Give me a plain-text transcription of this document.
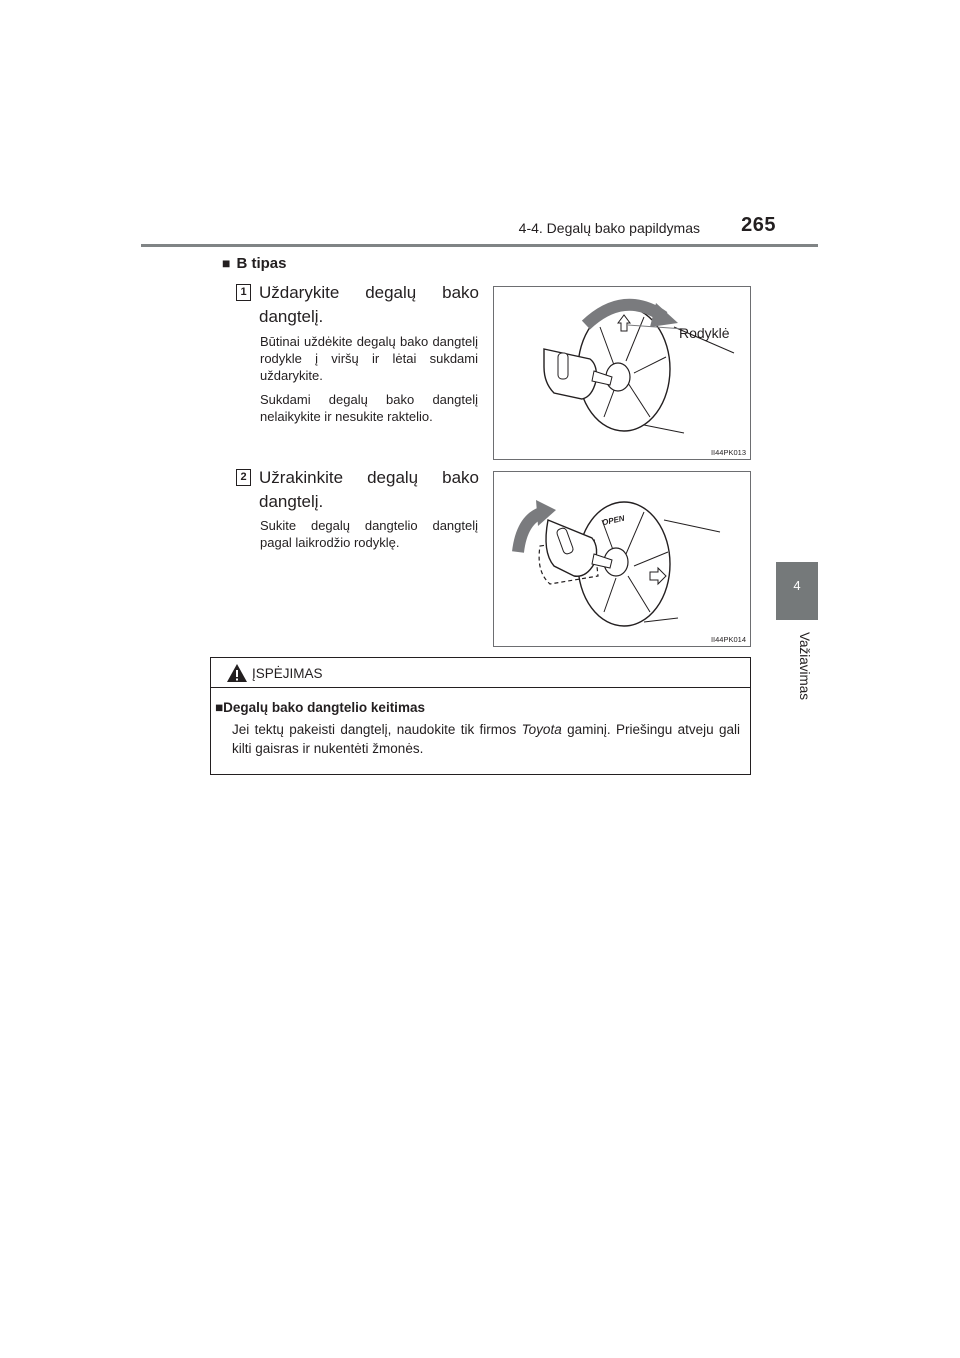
4-4. Degalų bako papildymas	265
4
Važiavimas
■ B tipas
1 Uždarykite degalų bako
dangtelį.
Būtinai uždėkite degalų bako dangtelį rodykle į viršų ir lėtai sukdami uždarykite.
Sukdami degalų bako dangtelį nelaikykite ir nesukite raktelio.
Rodyklė
II44PK013
2 Užrakinkite degalų bako
dangtelį.
Sukite degalų dangtelio dangtelį pagal laikrodžio rodyklę.
OPEN
II44PK014
ĮSPĖJIMAS
■Degalų bako dangtelio keitimas
Jei tektų pakeisti dangtelį, naudokite tik firmos Toyota gaminį. Priešingu atveju gali kilti gaisras ir nukentėti žmonės.
